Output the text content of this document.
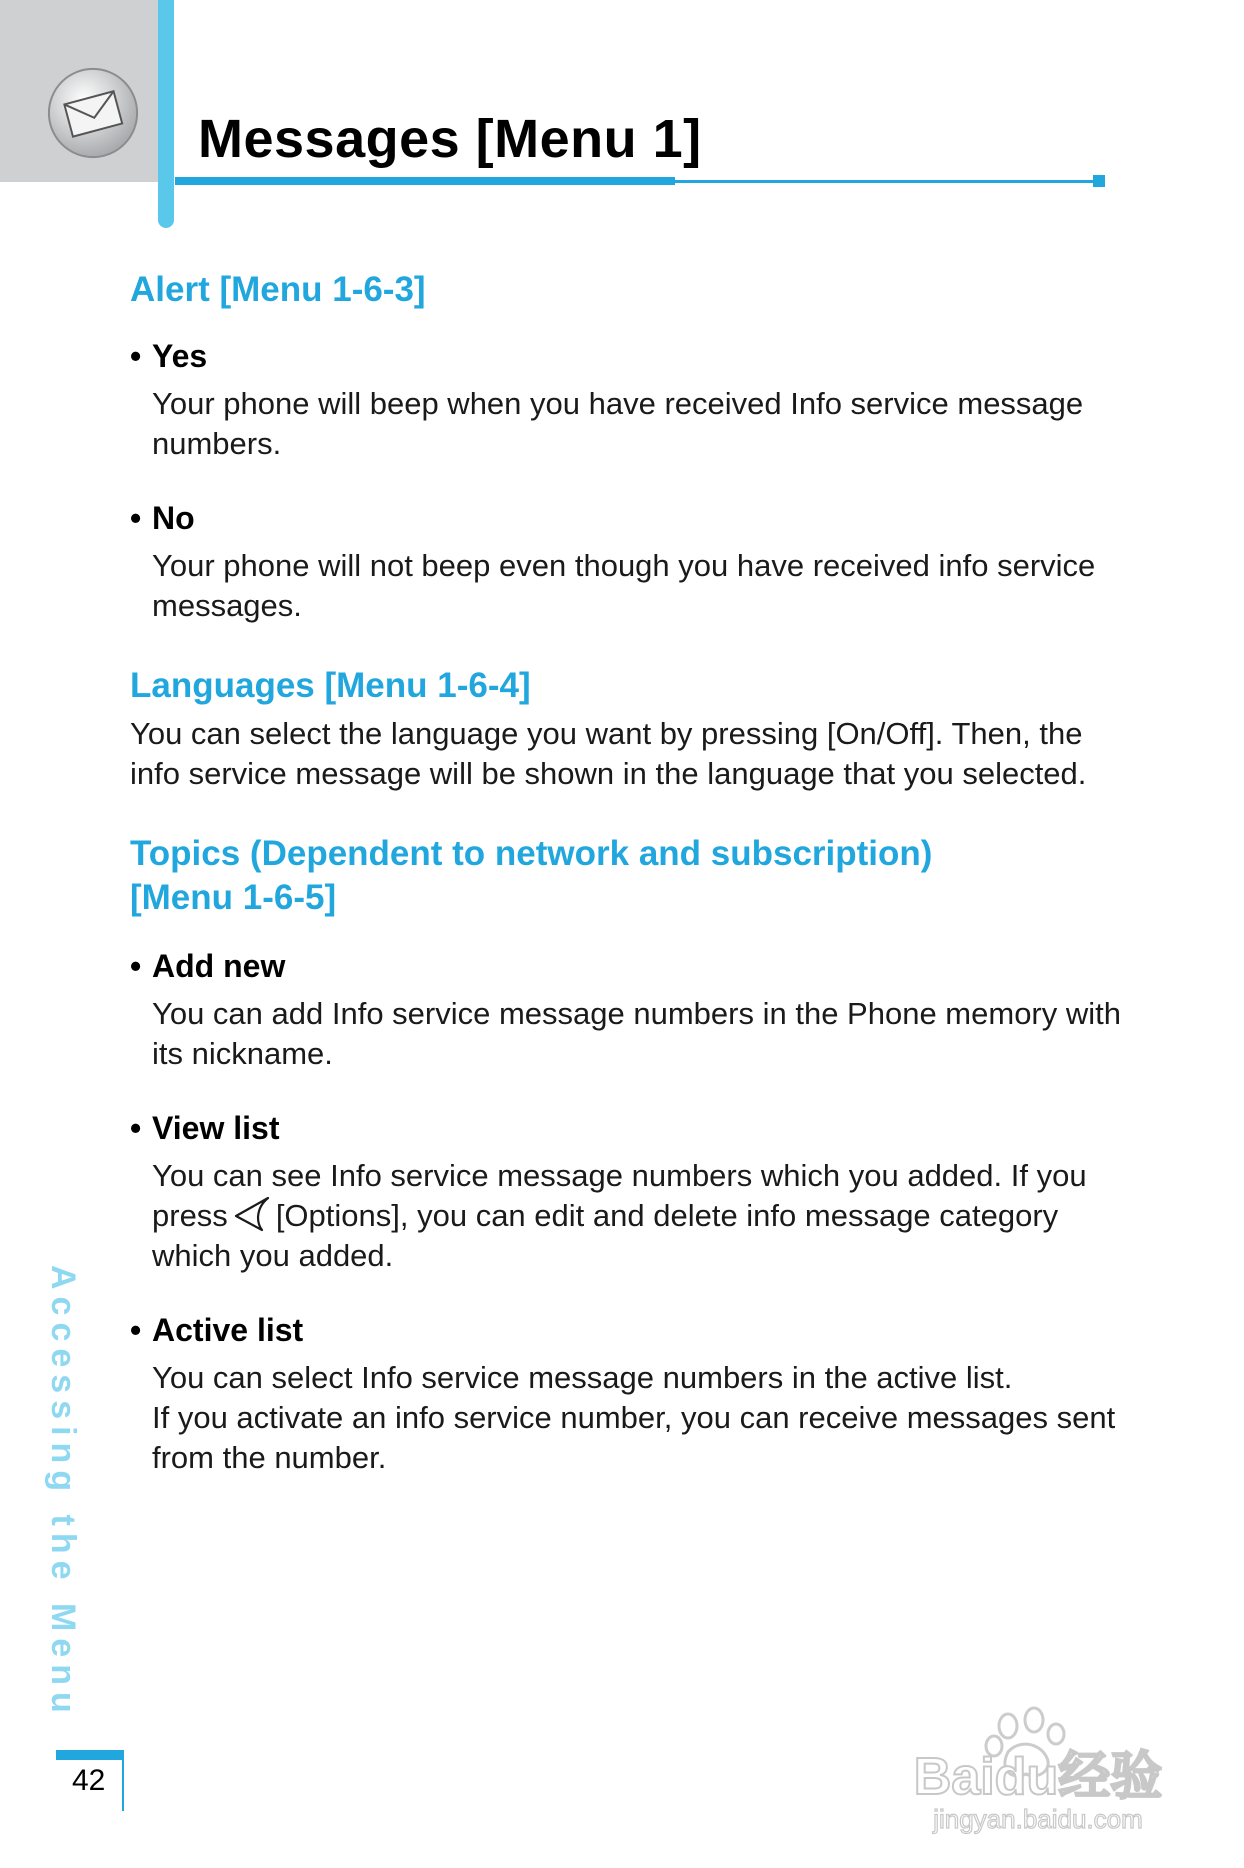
Messages [Menu 1]
Alert [Menu 1-6-3]

• Yes

Your phone will beep when you have received Info service message numbers.

• No

Your phone will not beep even though you have received info service messages.

Languages [Menu 1-6-4]

You can select the language you want by pressing [On/Off]. Then, the info service message will be shown in the language that you selected.

Topics (Dependent to network and subscription)
[Menu 1-6-5]

• Add new

You can add Info service message numbers in the Phone memory with its nickname.

• View list

You can see Info service message numbers which you added. If you press [Options], you can edit and delete info message category which you added.

• Active list

You can select Info service message numbers in the active list.

If you activate an info service number, you can receive messages sent from the number.

Accessing the Menu
42	Baidu经验
jingyan.baidu.com
